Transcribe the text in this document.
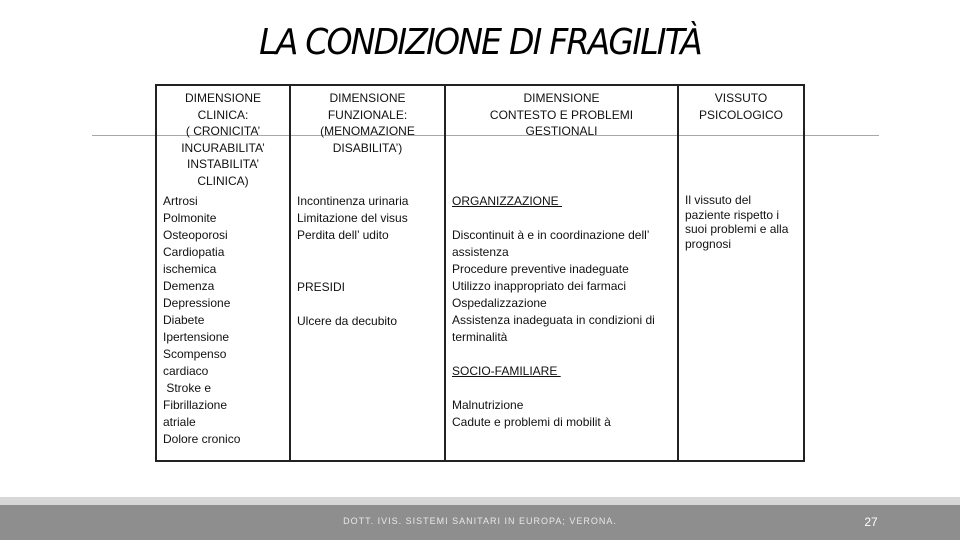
LA CONDIZIONE DI FRAGILITÀ
DIMENSIONE
CLINICA:
( CRONICITA’
INCURABILITA’
INSTABILITA’
CLINICA)
DIMENSIONE
FUNZIONALE:
(MENOMAZIONE
DISABILITA’)
DIMENSIONE
CONTESTO E PROBLEMI
GESTIONALI
VISSUTO
PSICOLOGICO
Artrosi
Polmonite
Osteoporosi
Cardiopatia
ischemica
Demenza
Depressione
Diabete
Ipertensione
Scompenso
cardiaco
Stroke e
Fibrillazione
atriale
Dolore cronico
Incontinenza urinaria
Limitazione del visus
Perdita dell’ udito
PRESIDI
Ulcere da decubito
ORGANIZZAZIONE
Discontinuit à e in coordinazione dell’ assistenza
Procedure preventive inadeguate
Utilizzo inappropriato dei farmaci
Ospedalizzazione
Assistenza inadeguata in condizioni di terminalità
SOCIO-FAMILIARE
Malnutrizione
Cadute e problemi di mobilit à
Il vissuto del paziente rispetto i suoi problemi e alla prognosi
DOTT. IVIS. SISTEMI SANITARI IN EUROPA; VERONA.	27
